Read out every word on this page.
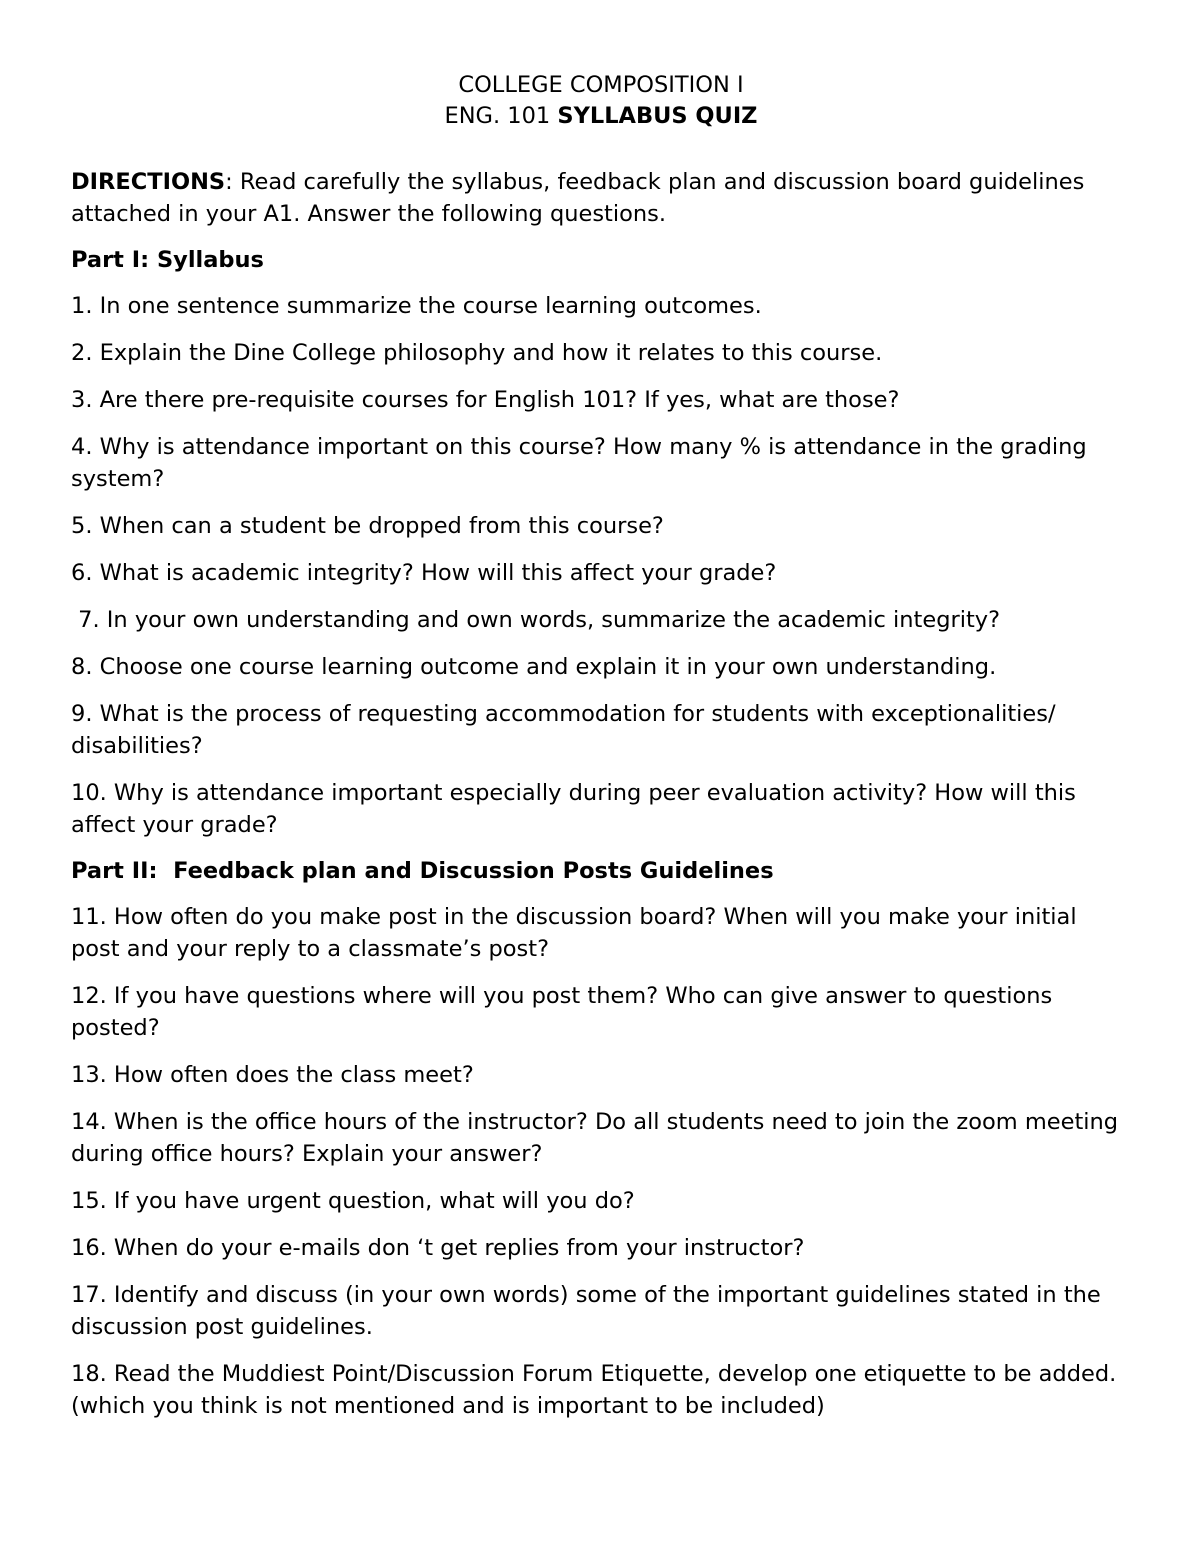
COLLEGE COMPOSITION I
ENG. 101 SYLLABUS QUIZ
DIRECTIONS: Read carefully the syllabus, feedback plan and discussion board guidelines attached in your A1. Answer the following questions.
Part I: Syllabus
1. In one sentence summarize the course learning outcomes.
2. Explain the Dine College philosophy and how it relates to this course.
3. Are there pre-requisite courses for English 101? If yes, what are those?
4. Why is attendance important on this course? How many % is attendance in the grading system?
5. When can a student be dropped from this course?
6. What is academic integrity? How will this affect your grade?
7. In your own understanding and own words, summarize the academic integrity?
8. Choose one course learning outcome and explain it in your own understanding.
9. What is the process of requesting accommodation for students with exceptionalities/ disabilities?
10. Why is attendance important especially during peer evaluation activity? How will this affect your grade?
Part II:  Feedback plan and Discussion Posts Guidelines
11. How often do you make post in the discussion board? When will you make your initial post and your reply to a classmate’s post?
12. If you have questions where will you post them? Who can give answer to questions posted?
13. How often does the class meet?
14. When is the office hours of the instructor? Do all students need to join the zoom meeting during office hours? Explain your answer?
15. If you have urgent question, what will you do?
16. When do your e-mails don ‘t get replies from your instructor?
17. Identify and discuss (in your own words) some of the important guidelines stated in the discussion post guidelines.
18. Read the Muddiest Point/Discussion Forum Etiquette, develop one etiquette to be added. (which you think is not mentioned and is important to be included)
